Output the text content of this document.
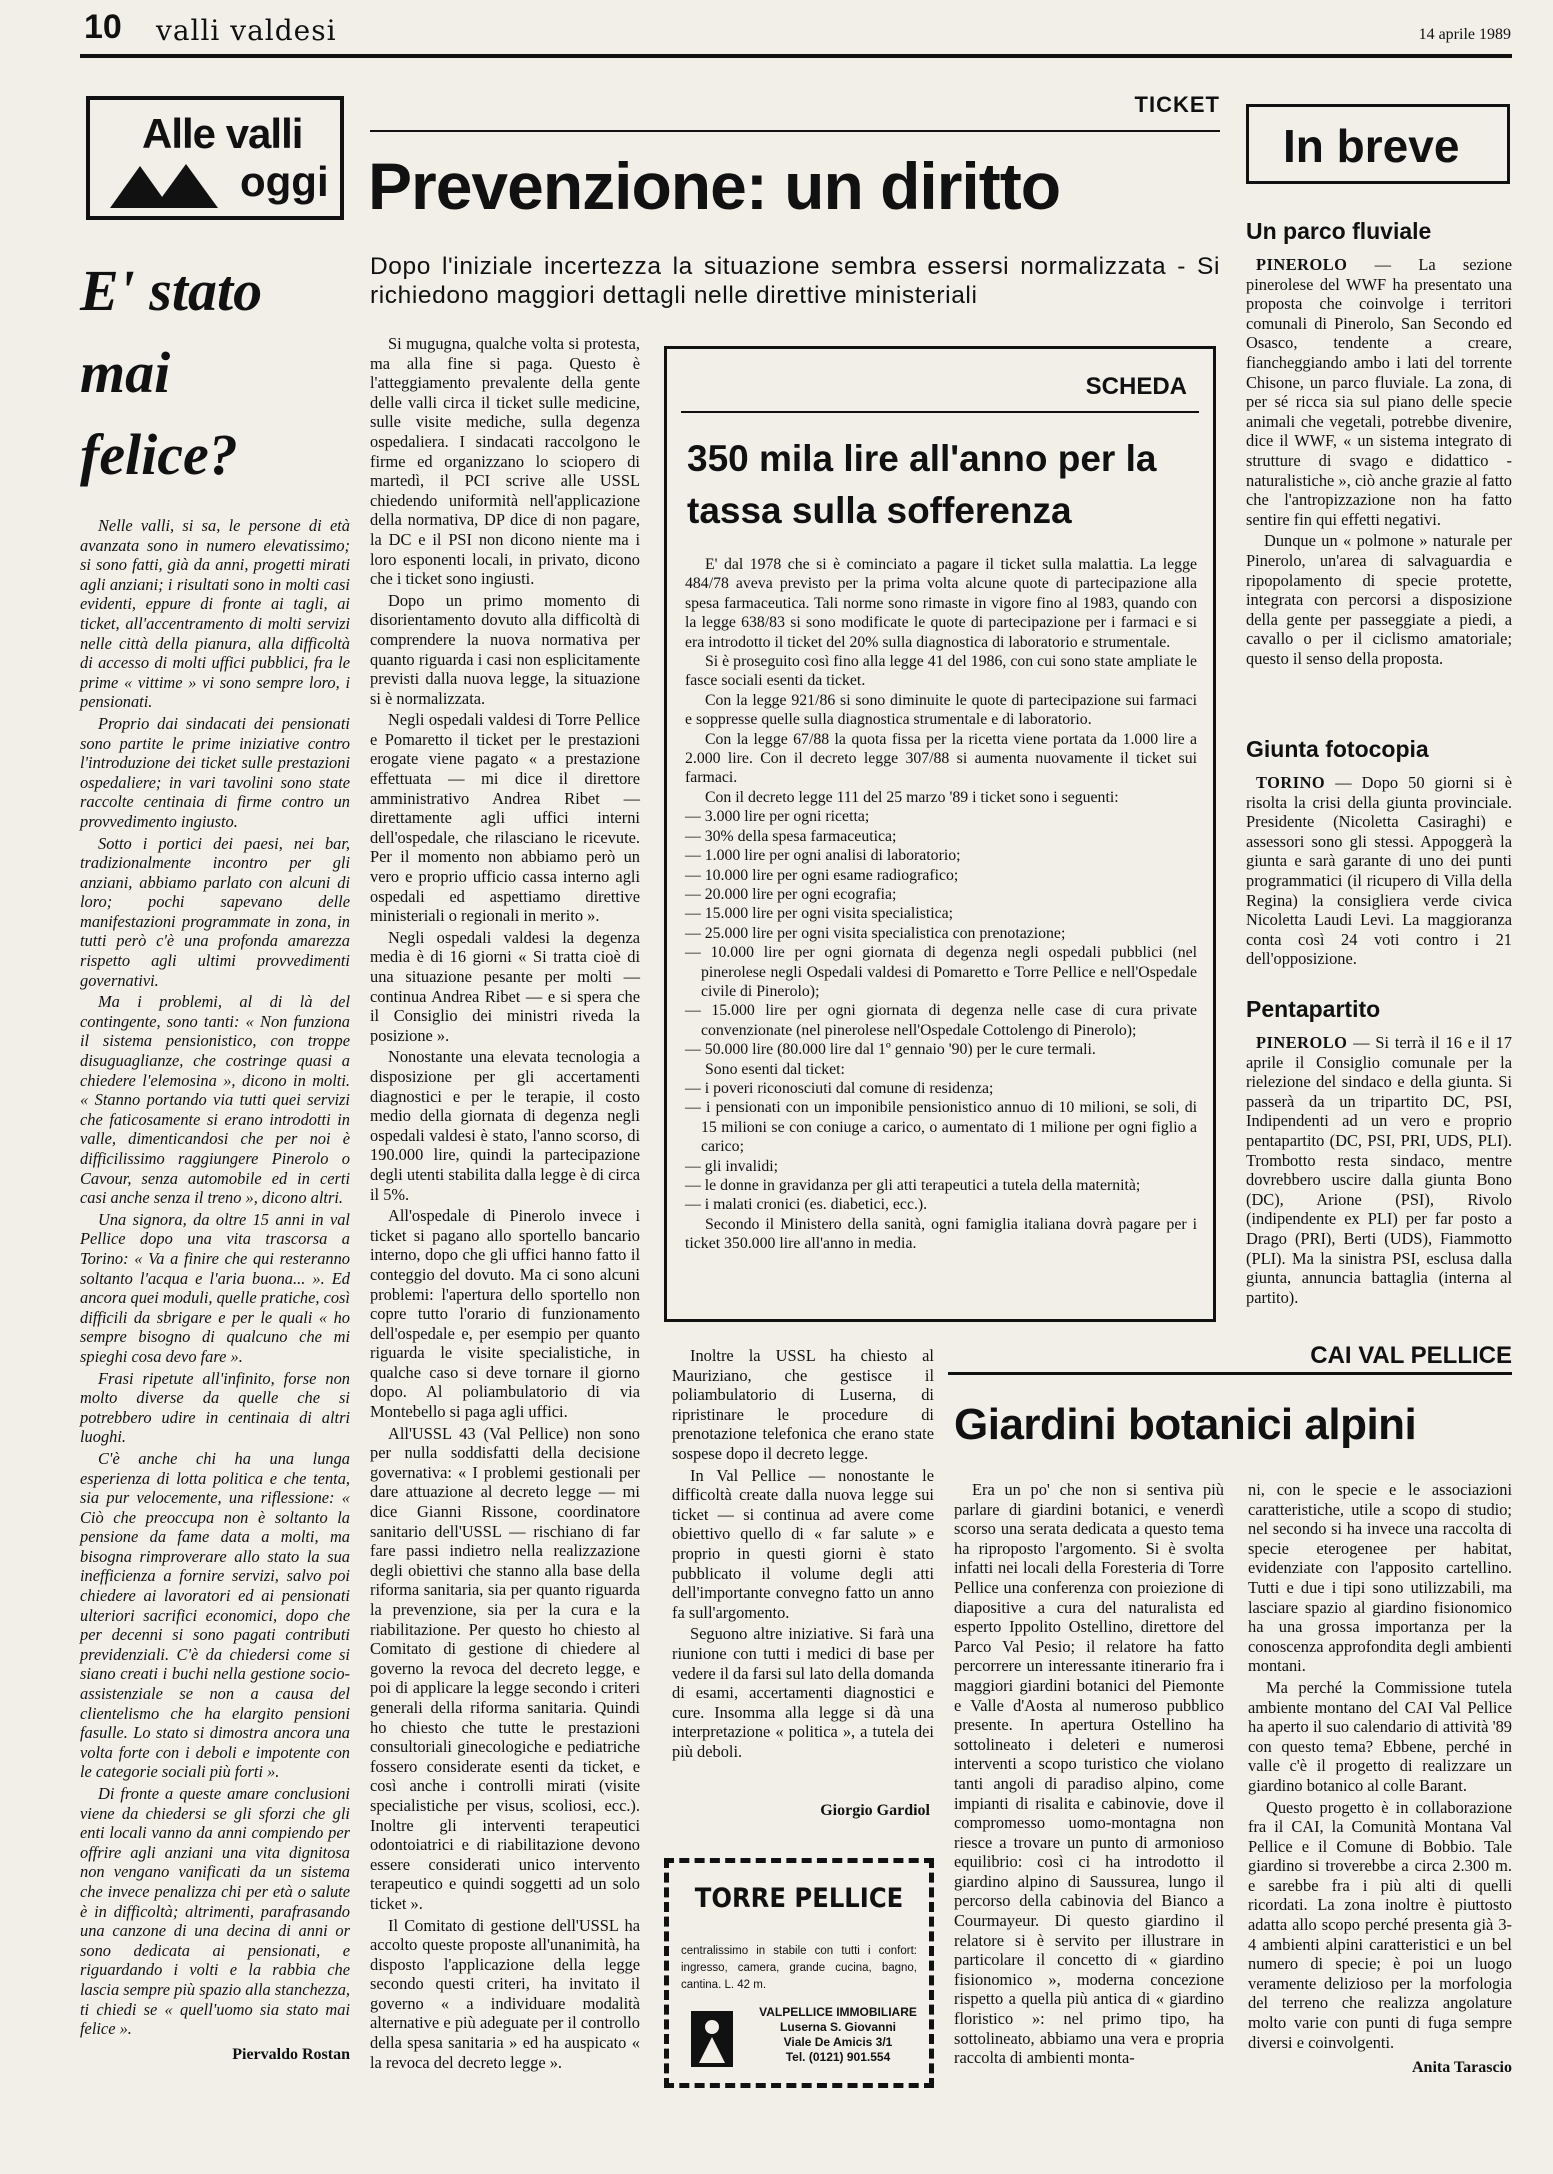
10 valli valdesi	14 aprile 1989
Alle valli
oggi
E' stato mai felice?

Nelle valli, si sa, le persone di età avanzata sono in numero elevatissimo; si sono fatti, già da anni, progetti mirati agli anziani; i risultati sono in molti casi evidenti, eppure di fronte ai tagli, ai ticket, all'accentramento di molti servizi nelle città della pianura, alla difficoltà di accesso di molti uffici pubblici, fra le prime « vittime » vi sono sempre loro, i pensionati.

Proprio dai sindacati dei pensionati sono partite le prime iniziative contro l'introduzione dei ticket sulle prestazioni ospedaliere; in vari tavolini sono state raccolte centinaia di firme contro un provvedimento ingiusto.

Sotto i portici dei paesi, nei bar, tradizionalmente incontro per gli anziani, abbiamo parlato con alcuni di loro; pochi sapevano delle manifestazioni programmate in zona, in tutti però c'è una profonda amarezza rispetto agli ultimi provvedimenti governativi.

Ma i problemi, al di là del contingente, sono tanti: « Non funziona il sistema pensionistico, con troppe disuguaglianze, che costringe quasi a chiedere l'elemosina », dicono in molti. « Stanno portando via tutti quei servizi che faticosamente si erano introdotti in valle, dimenticandosi che per noi è difficilissimo raggiungere Pinerolo o Cavour, senza automobile ed in certi casi anche senza il treno », dicono altri.

Una signora, da oltre 15 anni in val Pellice dopo una vita trascorsa a Torino: « Va a finire che qui resteranno soltanto l'acqua e l'aria buona... ». Ed ancora quei moduli, quelle pratiche, così difficili da sbrigare e per le quali « ho sempre bisogno di qualcuno che mi spieghi cosa devo fare ».

Frasi ripetute all'infinito, forse non molto diverse da quelle che si potrebbero udire in centinaia di altri luoghi.

C'è anche chi ha una lunga esperienza di lotta politica e che tenta, sia pur velocemente, una riflessione: « Ciò che preoccupa non è soltanto la pensione da fame data a molti, ma bisogna rimproverare allo stato la sua inefficienza a fornire servizi, salvo poi chiedere ai lavoratori ed ai pensionati ulteriori sacrifici economici, dopo che per decenni si sono pagati contributi previdenziali. C'è da chiedersi come si siano creati i buchi nella gestione socio-assistenziale se non a causa del clientelismo che ha elargito pensioni fasulle. Lo stato si dimostra ancora una volta forte con i deboli e impotente con le categorie sociali più forti ».

Di fronte a queste amare conclusioni viene da chiedersi se gli sforzi che gli enti locali vanno da anni compiendo per offrire agli anziani una vita dignitosa non vengano vanificati da un sistema che invece penalizza chi per età o salute è in difficoltà; altrimenti, parafrasando una canzone di una decina di anni or sono dedicata ai pensionati, e riguardando i volti e la rabbia che lascia sempre più spazio alla stanchezza, ti chiedi se « quell'uomo sia stato mai felice ».

Piervaldo Rostan
TICKET
Prevenzione: un diritto
Dopo l'iniziale incertezza la situazione sembra essersi normalizzata - Si richiedono maggiori dettagli nelle direttive ministeriali

Si mugugna, qualche volta si protesta, ma alla fine si paga. Questo è l'atteggiamento prevalente della gente delle valli circa il ticket sulle medicine, sulle visite mediche, sulla degenza ospedaliera. I sindacati raccolgono le firme ed organizzano lo sciopero di martedì, il PCI scrive alle USSL chiedendo uniformità nell'applicazione della normativa, DP dice di non pagare, la DC e il PSI non dicono niente ma i loro esponenti locali, in privato, dicono che i ticket sono ingiusti.

Dopo un primo momento di disorientamento dovuto alla difficoltà di comprendere la nuova normativa per quanto riguarda i casi non esplicitamente previsti dalla nuova legge, la situazione si è normalizzata.

Negli ospedali valdesi di Torre Pellice e Pomaretto il ticket per le prestazioni erogate viene pagato « a prestazione effettuata — mi dice il direttore amministrativo Andrea Ribet — direttamente agli uffici interni dell'ospedale, che rilasciano le ricevute. Per il momento non abbiamo però un vero e proprio ufficio cassa interno agli ospedali ed aspettiamo direttive ministeriali o regionali in merito ».

Negli ospedali valdesi la degenza media è di 16 giorni « Si tratta cioè di una situazione pesante per molti — continua Andrea Ribet — e si spera che il Consiglio dei ministri riveda la posizione ».

Nonostante una elevata tecnologia a disposizione per gli accertamenti diagnostici e per le terapie, il costo medio della giornata di degenza negli ospedali valdesi è stato, l'anno scorso, di 190.000 lire, quindi la partecipazione degli utenti stabilita dalla legge è di circa il 5%.

All'ospedale di Pinerolo invece i ticket si pagano allo sportello bancario interno, dopo che gli uffici hanno fatto il conteggio del dovuto. Ma ci sono alcuni problemi: l'apertura dello sportello non copre tutto l'orario di funzionamento dell'ospedale e, per esempio per quanto riguarda le visite specialistiche, in qualche caso si deve tornare il giorno dopo. Al poliambulatorio di via Montebello si paga agli uffici.

All'USSL 43 (Val Pellice) non sono per nulla soddisfatti della decisione governativa: « I problemi gestionali per dare attuazione al decreto legge — mi dice Gianni Rissone, coordinatore sanitario dell'USSL — rischiano di far fare passi indietro nella realizzazione degli obiettivi che stanno alla base della riforma sanitaria, sia per quanto riguarda la prevenzione, sia per la cura e la riabilitazione. Per questo ho chiesto al Comitato di gestione di chiedere al governo la revoca del decreto legge, e poi di applicare la legge secondo i criteri generali della riforma sanitaria. Quindi ho chiesto che tutte le prestazioni consultoriali ginecologiche e pediatriche fossero considerate esenti da ticket, e così anche i controlli mirati (visite specialistiche per visus, scoliosi, ecc.). Inoltre gli interventi terapeutici odontoiatrici e di riabilitazione devono essere considerati unico intervento terapeutico e quindi soggetti ad un solo ticket ».

Il Comitato di gestione dell'USSL ha accolto queste proposte all'unanimità, ha disposto l'applicazione della legge secondo questi criteri, ha invitato il governo « a individuare modalità alternative e più adeguate per il controllo della spesa sanitaria » ed ha auspicato « la revoca del decreto legge ».

SCHEDA
350 mila lire all'anno per la tassa sulla sofferenza

E' dal 1978 che si è cominciato a pagare il ticket sulla malattia. La legge 484/78 aveva previsto per la prima volta alcune quote di partecipazione alla spesa farmaceutica. Tali norme sono rimaste in vigore fino al 1983, quando con la legge 638/83 si sono modificate le quote di partecipazione per i farmaci e si era introdotto il ticket del 20% sulla diagnostica di laboratorio e strumentale.

Si è proseguito così fino alla legge 41 del 1986, con cui sono state ampliate le fasce sociali esenti da ticket.

Con la legge 921/86 si sono diminuite le quote di partecipazione sui farmaci e soppresse quelle sulla diagnostica strumentale e di laboratorio.

Con la legge 67/88 la quota fissa per la ricetta viene portata da 1.000 lire a 2.000 lire. Con il decreto legge 307/88 si aumenta nuovamente il ticket sui farmaci.

Con il decreto legge 111 del 25 marzo '89 i ticket sono i seguenti:

— 3.000 lire per ogni ricetta;
— 30% della spesa farmaceutica;
— 1.000 lire per ogni analisi di laboratorio;
— 10.000 lire per ogni esame radiografico;
— 20.000 lire per ogni ecografia;
— 15.000 lire per ogni visita specialistica;
— 25.000 lire per ogni visita specialistica con prenotazione;
— 10.000 lire per ogni giornata di degenza negli ospedali pubblici (nel pinerolese negli Ospedali valdesi di Pomaretto e Torre Pellice e nell'Ospedale civile di Pinerolo);
— 15.000 lire per ogni giornata di degenza nelle case di cura private convenzionate (nel pinerolese nell'Ospedale Cottolengo di Pinerolo);
— 50.000 lire (80.000 lire dal 1º gennaio '90) per le cure termali.

Sono esenti dal ticket:

— i poveri riconosciuti dal comune di residenza;
— i pensionati con un imponibile pensionistico annuo di 10 milioni, se soli, di 15 milioni se con coniuge a carico, o aumentato di 1 milione per ogni figlio a carico;
— gli invalidi;
— le donne in gravidanza per gli atti terapeutici a tutela della maternità;
— i malati cronici (es. diabetici, ecc.).

Secondo il Ministero della sanità, ogni famiglia italiana dovrà pagare per i ticket 350.000 lire all'anno in media.

Inoltre la USSL ha chiesto al Mauriziano, che gestisce il poliambulatorio di Luserna, di ripristinare le procedure di prenotazione telefonica che erano state sospese dopo il decreto legge.

In Val Pellice — nonostante le difficoltà create dalla nuova legge sui ticket — si continua ad avere come obiettivo quello di « far salute » e proprio in questi giorni è stato pubblicato il volume degli atti dell'importante convegno fatto un anno fa sull'argomento.

Seguono altre iniziative. Si farà una riunione con tutti i medici di base per vedere il da farsi sul lato della domanda di esami, accertamenti diagnostici e cure. Insomma alla legge si dà una interpretazione « politica », a tutela dei più deboli.

Giorgio Gardiol
TORRE PELLICE
centralissimo in stabile con tutti i confort: ingresso, camera, grande cucina, bagno, cantina. L. 42 m.
VALPELLICE IMMOBILIARE
Luserna S. Giovanni
Viale De Amicis 3/1
Tel. (0121) 901.554
CAI VAL PELLICE
Giardini botanici alpini

Era un po' che non si sentiva più parlare di giardini botanici, e venerdì scorso una serata dedicata a questo tema ha riproposto l'argomento. Si è svolta infatti nei locali della Foresteria di Torre Pellice una conferenza con proiezione di diapositive a cura del naturalista ed esperto Ippolito Ostellino, direttore del Parco Val Pesio; il relatore ha fatto percorrere un interessante itinerario fra i maggiori giardini botanici del Piemonte e Valle d'Aosta al numeroso pubblico presente. In apertura Ostellino ha sottolineato i deleteri e numerosi interventi a scopo turistico che violano tanti angoli di paradiso alpino, come impianti di risalita e cabinovie, dove il compromesso uomo-montagna non riesce a trovare un punto di armonioso equilibrio: così ci ha introdotto il giardino alpino di Saussurea, lungo il percorso della cabinovia del Bianco a Courmayeur. Di questo giardino il relatore si è servito per illustrare in particolare il concetto di « giardino fisionomico », moderna concezione rispetto a quella più antica di « giardino floristico »: nel primo tipo, ha sottolineato, abbiamo una vera e propria raccolta di ambienti monta-

ni, con le specie e le associazioni caratteristiche, utile a scopo di studio; nel secondo si ha invece una raccolta di specie eterogenee per habitat, evidenziate con l'apposito cartellino. Tutti e due i tipi sono utilizzabili, ma lasciare spazio al giardino fisionomico ha una grossa importanza per la conoscenza approfondita degli ambienti montani.

Ma perché la Commissione tutela ambiente montano del CAI Val Pellice ha aperto il suo calendario di attività '89 con questo tema? Ebbene, perché in valle c'è il progetto di realizzare un giardino botanico al colle Barant.

Questo progetto è in collaborazione fra il CAI, la Comunità Montana Val Pellice e il Comune di Bobbio. Tale giardino si troverebbe a circa 2.300 m. e sarebbe fra i più alti di quelli ricordati. La zona inoltre è piuttosto adatta allo scopo perché presenta già 3-4 ambienti alpini caratteristici e un bel numero di specie; è poi un luogo veramente delizioso per la morfologia del terreno che realizza angolature molto varie con punti di fuga sempre diversi e coinvolgenti.

Anita Tarascio
In breve
Un parco fluviale

PINEROLO — La sezione pinerolese del WWF ha presentato una proposta che coinvolge i territori comunali di Pinerolo, San Secondo ed Osasco, tendente a creare, fiancheggiando ambo i lati del torrente Chisone, un parco fluviale. La zona, di per sé ricca sia sul piano delle specie animali che vegetali, potrebbe divenire, dice il WWF, « un sistema integrato di strutture di svago e didattico - naturalistiche », ciò anche grazie al fatto che l'antropizzazione non ha fatto sentire fin qui effetti negativi.

Dunque un « polmone » naturale per Pinerolo, un'area di salvaguardia e ripopolamento di specie protette, integrata con percorsi a disposizione della gente per passeggiate a piedi, a cavallo o per il ciclismo amatoriale; questo il senso della proposta.

Giunta fotocopia

TORINO — Dopo 50 giorni si è risolta la crisi della giunta provinciale. Presidente (Nicoletta Casiraghi) e assessori sono gli stessi. Appoggerà la giunta e sarà garante di uno dei punti programmatici (il ricupero di Villa della Regina) la consigliera verde civica Nicoletta Laudi Levi. La maggioranza conta così 24 voti contro i 21 dell'opposizione.

Pentapartito

PINEROLO — Si terrà il 16 e il 17 aprile il Consiglio comunale per la rielezione del sindaco e della giunta. Si passerà da un tripartito DC, PSI, Indipendenti ad un vero e proprio pentapartito (DC, PSI, PRI, UDS, PLI). Trombotto resta sindaco, mentre dovrebbero uscire dalla giunta Bono (DC), Arione (PSI), Rivolo (indipendente ex PLI) per far posto a Drago (PRI), Berti (UDS), Fiammotto (PLI). Ma la sinistra PSI, esclusa dalla giunta, annuncia battaglia (interna al partito).
